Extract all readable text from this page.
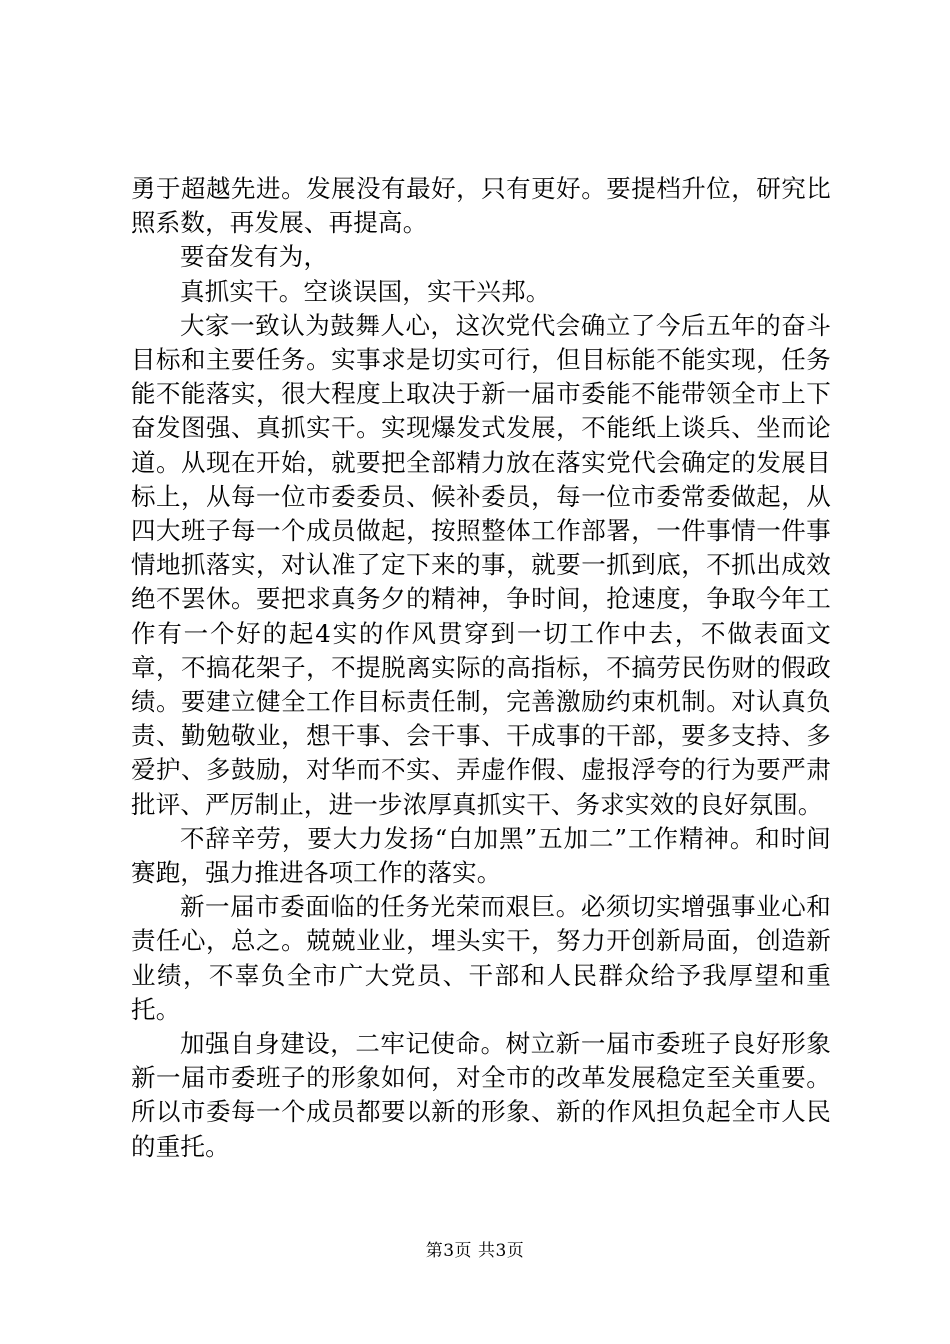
勇于超越先进。发展没有最好，只有更好。要提档升位，研究比照系数，再发展、再提高。

要奋发有为，

真抓实干。空谈误国，实干兴邦。

大家一致认为鼓舞人心，这次党代会确立了今后五年的奋斗目标和主要任务。实事求是切实可行，但目标能不能实现，任务能不能落实，很大程度上取决于新一届市委能不能带领全市上下奋发图强、真抓实干。实现爆发式发展，不能纸上谈兵、坐而论道。从现在开始，就要把全部精力放在落实党代会确定的发展目标上，从每一位市委委员、候补委员，每一位市委常委做起，从四大班子每一个成员做起，按照整体工作部署，一件事情一件事情地抓落实，对认准了定下来的事，就要一抓到底，不抓出成效绝不罢休。要把求真务夕的精神，争时间，抢速度，争取今年工作有一个好的起4实的作风贯穿到一切工作中去，不做表面文章，不搞花架子，不提脱离实际的高指标，不搞劳民伤财的假政绩。要建立健全工作目标责任制，完善激励约束机制。对认真负责、勤勉敬业，想干事、会干事、干成事的干部，要多支持、多爱护、多鼓励，对华而不实、弄虚作假、虚报浮夸的行为要严肃批评、严厉制止，进一步浓厚真抓实干、务求实效的良好氛围。

不辞辛劳，要大力发扬“白加黑”五加二”工作精神。和时间赛跑，强力推进各项工作的落实。

新一届市委面临的任务光荣而艰巨。必须切实增强事业心和责任心，总之。兢兢业业，埋头实干，努力开创新局面，创造新业绩，不辜负全市广大党员、干部和人民群众给予我厚望和重托。

加强自身建设，二牢记使命。树立新一届市委班子良好形象新一届市委班子的形象如何，对全市的改革发展稳定至关重要。所以市委每一个成员都要以新的形象、新的作风担负起全市人民的重托。

第3页 共3页
